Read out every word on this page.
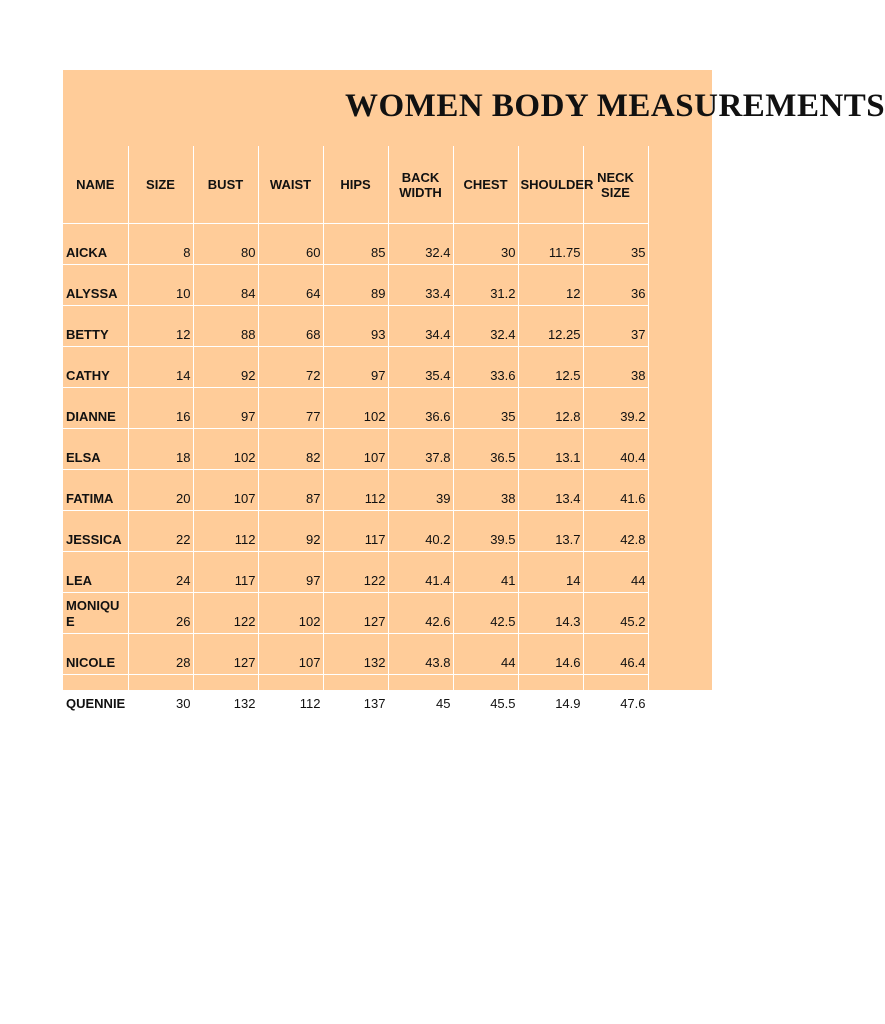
WOMEN BODY MEASUREMENTS
NAME	SIZE	BUST	WAIST	HIPS	BACK WIDTH	CHEST	SHOULDER	NECK SIZE
AICKA	8	80	60	85	32.4	30	11.75	35
ALYSSA	10	84	64	89	33.4	31.2	12	36
BETTY	12	88	68	93	34.4	32.4	12.25	37
CATHY	14	92	72	97	35.4	33.6	12.5	38
DIANNE	16	97	77	102	36.6	35	12.8	39.2
ELSA	18	102	82	107	37.8	36.5	13.1	40.4
FATIMA	20	107	87	112	39	38	13.4	41.6
JESSICA	22	112	92	117	40.2	39.5	13.7	42.8
LEA	24	117	97	122	41.4	41	14	44
MONIQUE	26	122	102	127	42.6	42.5	14.3	45.2
NICOLE	28	127	107	132	43.8	44	14.6	46.4
QUENNIE	30	132	112	137	45	45.5	14.9	47.6
